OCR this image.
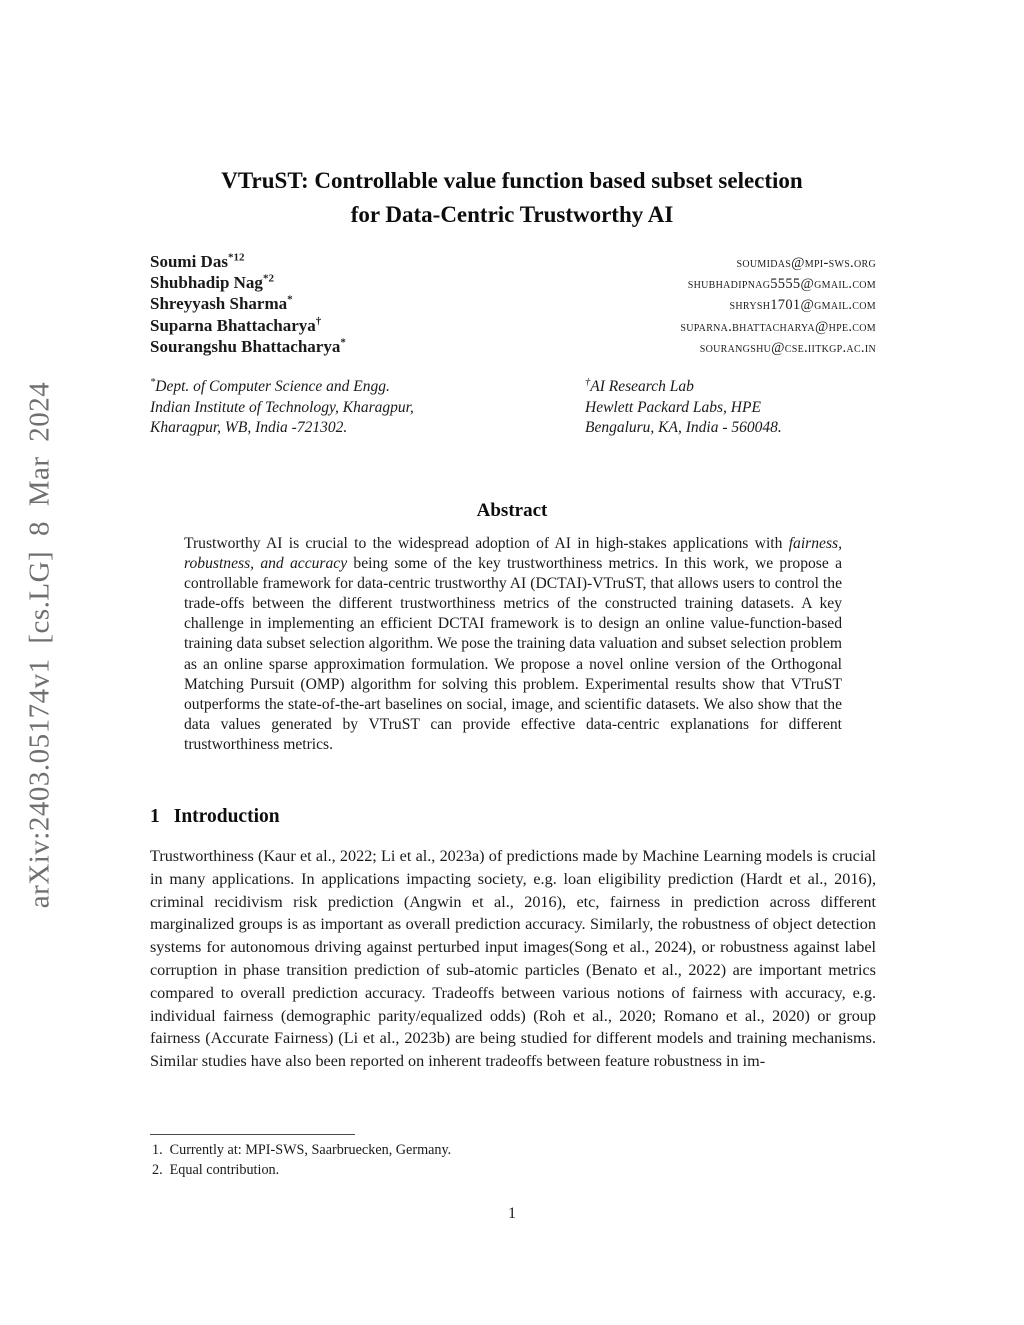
arXiv:2403.05174v1 [cs.LG] 8 Mar 2024
VTruST: Controllable value function based subset selection
for Data-Centric Trustworthy AI
Soumi Das$^{*12}$	soumidas@mpi-sws.org
Shubhadip Nag$^{*2}$	shubhadipnag5555@gmail.com
Shreyyash Sharma*	shrysh1701@gmail.com
Suparna Bhattacharya†	suparna.bhattacharya@hpe.com
Sourangshu Bhattacharya*	sourangshu@cse.iitkgp.ac.in
*Dept. of Computer Science and Engg.
Indian Institute of Technology, Kharagpur,
Kharagpur, WB, India -721302.
†AI Research Lab
Hewlett Packard Labs, HPE
Bengaluru, KA, India - 560048.
Abstract
Trustworthy AI is crucial to the widespread adoption of AI in high-stakes applications with fairness, robustness, and accuracy being some of the key trustworthiness metrics. In this work, we propose a controllable framework for data-centric trustworthy AI (DCTAI)-VTruST, that allows users to control the trade-offs between the different trustworthiness metrics of the constructed training datasets. A key challenge in implementing an efficient DCTAI framework is to design an online value-function-based training data subset selection algorithm. We pose the training data valuation and subset selection problem as an online sparse approximation formulation. We propose a novel online version of the Orthogonal Matching Pursuit (OMP) algorithm for solving this problem. Experimental results show that VTruST outperforms the state-of-the-art baselines on social, image, and scientific datasets. We also show that the data values generated by VTruST can provide effective data-centric explanations for different trustworthiness metrics.
1 Introduction
Trustworthiness (Kaur et al., 2022; Li et al., 2023a) of predictions made by Machine Learning models is crucial in many applications. In applications impacting society, e.g. loan eligibility prediction (Hardt et al., 2016), criminal recidivism risk prediction (Angwin et al., 2016), etc, fairness in prediction across different marginalized groups is as important as overall prediction accuracy. Similarly, the robustness of object detection systems for autonomous driving against perturbed input images(Song et al., 2024), or robustness against label corruption in phase transition prediction of sub-atomic particles (Benato et al., 2022) are important metrics compared to overall prediction accuracy. Tradeoffs between various notions of fairness with accuracy, e.g. individual fairness (demographic parity/equalized odds) (Roh et al., 2020; Romano et al., 2020) or group fairness (Accurate Fairness) (Li et al., 2023b) are being studied for different models and training mechanisms. Similar studies have also been reported on inherent tradeoffs between feature robustness in im-
1. Currently at: MPI-SWS, Saarbruecken, Germany.
2. Equal contribution.
1
